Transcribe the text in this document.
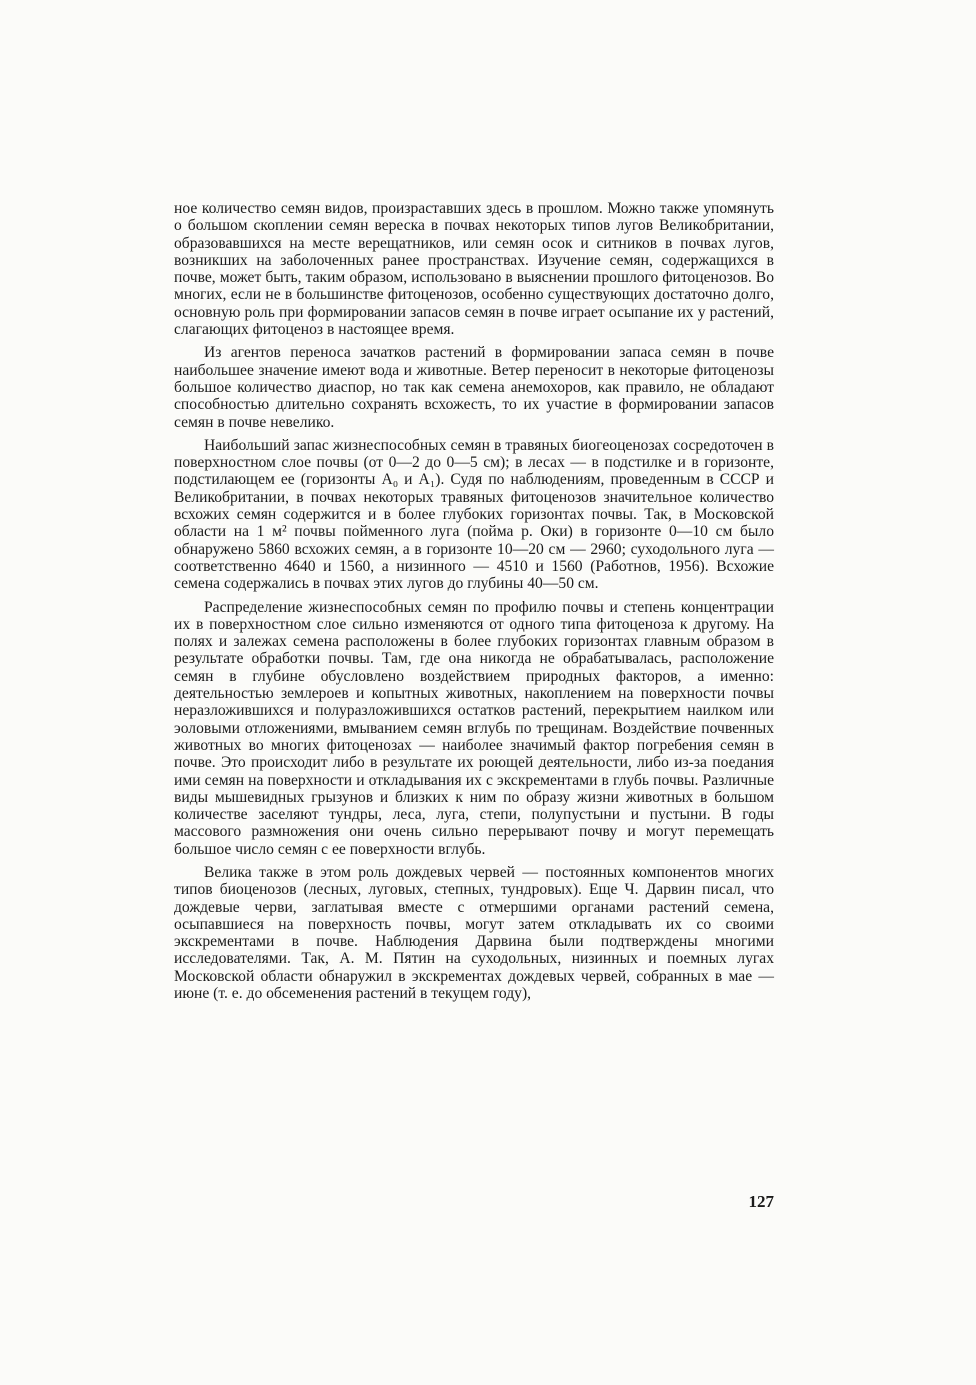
ное количество семян видов, произраставших здесь в прошлом. Можно также упомянуть о большом скоплении семян вереска в почвах некоторых типов лугов Великобритании, образовавшихся на месте верещатников, или семян осок и ситников в почвах лугов, возникших на заболоченных ранее пространствах. Изучение семян, содержащихся в почве, может быть, таким образом, использовано в выяснении прошлого фитоценозов. Во многих, если не в большинстве фитоценозов, особенно существующих достаточно долго, основную роль при формировании запасов семян в почве играет осыпание их у растений, слагающих фитоценоз в настоящее время.

Из агентов переноса зачатков растений в формировании запаса семян в почве наибольшее значение имеют вода и животные. Ветер переносит в некоторые фитоценозы большое количество диаспор, но так как семена анемохоров, как правило, не обладают способностью длительно сохранять всхожесть, то их участие в формировании запасов семян в почве невелико.

Наибольший запас жизнеспособных семян в травяных биогеоценозах сосредоточен в поверхностном слое почвы (от 0—2 до 0—5 см); в лесах — в подстилке и в горизонте, подстилающем ее (горизонты A₀ и A₁). Судя по наблюдениям, проведенным в СССР и Великобритании, в почвах некоторых травяных фитоценозов значительное количество всхожих семян содержится и в более глубоких горизонтах почвы. Так, в Московской области на 1 м² почвы поймeнного луга (пойма р. Оки) в горизонте 0—10 см было обнаружено 5860 всхожих семян, а в горизонте 10—20 см — 2960; суходольного луга — соответственно 4640 и 1560, а низинного — 4510 и 1560 (Работнов, 1956). Всхожие семена содержались в почвах этих лугов до глубины 40—50 см.

Распределение жизнеспособных семян по профилю почвы и степень концентрации их в поверхностном слое сильно изменяются от одного типа фитоценоза к другому. На полях и залежах семена расположены в более глубоких горизонтах главным образом в результате обработки почвы. Там, где она никогда не обрабатывалась, расположение семян в глубине обусловлено воздействием природных факторов, а именно: деятельностью землероев и копытных животных, накоплением на поверхности почвы неразложившихся и полуразложившихся остатков растений, перекрытием наилком или эоловыми отложениями, вмыванием семян вглубь по трещинам. Воздействие почвенных животных во многих фитоценозах — наиболее значимый фактор погребения семян в почве. Это происходит либо в результате их роющей деятельности, либо из-за поедания ими семян на поверхности и откладывания их с экскрементами в глубь почвы. Различные виды мышевидных грызунов и близких к ним по образу жизни животных в большом количестве заселяют тундры, леса, луга, степи, полупустыни и пустыни. В годы массового размножения они очень сильно перерывают почву и могут перемещать большое число семян с ее поверхности вглубь.

Велика также в этом роль дождевых червей — постоянных компонентов многих типов биоценозов (лесных, луговых, степных, тундровых). Еще Ч. Дарвин писал, что дождевые черви, заглатывая вместе с отмершими органами растений семена, осыпавшиеся на поверхность почвы, могут затем откладывать их со своими экскрементами в почве. Наблюдения Дарвина были подтверждены многими исследователями. Так, А. М. Пятин на суходольных, низинных и поемных лугах Московской области обнаружил в экскрементах дождевых червей, собранных в мае — июне (т. е. до обсеменения растений в текущем году),

127
